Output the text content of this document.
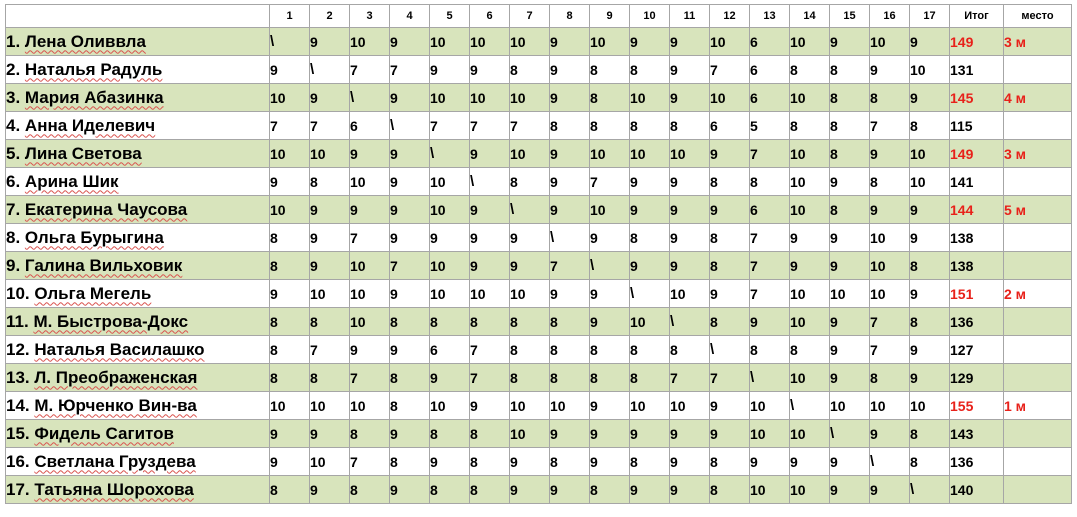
	1	2	3	4	5	6	7	8	9	10	11	12	13	14	15	16	17	Итог	место
1. Лена Оливвла	\	9	10	9	10	10	10	9	10	9	9	10	6	10	9	10	9	149	3 м
2. Наталья Радуль	9	\	7	7	9	9	8	9	8	8	9	7	6	8	8	9	10	131	
3. Мария Абазинка	10	9	\	9	10	10	10	9	8	10	9	10	6	10	8	8	9	145	4 м
4. Анна Иделевич	7	7	6	\	7	7	7	8	8	8	8	6	5	8	8	7	8	115	
5. Лина Светова	10	10	9	9	\	9	10	9	10	10	10	9	7	10	8	9	10	149	3 м
6. Арина Шик	9	8	10	9	10	\	8	9	7	9	9	8	8	10	9	8	10	141	
7. Екатерина Чаусова	10	9	9	9	10	9	\	9	10	9	9	9	6	10	8	9	9	144	5 м
8. Ольга Бурыгина	8	9	7	9	9	9	9	\	9	8	9	8	7	9	9	10	9	138	
9. Галина Вильховик	8	9	10	7	10	9	9	7	\	9	9	8	7	9	9	10	8	138	
10. Ольга Мегель	9	10	10	9	10	10	10	9	9	\	10	9	7	10	10	10	9	151	2 м
11. М. Быстрова-Докс	8	8	10	8	8	8	8	8	9	10	\	8	9	10	9	7	8	136	
12. Наталья Василашко	8	7	9	9	6	7	8	8	8	8	8	\	8	8	9	7	9	127	
13. Л. Преображенская	8	8	7	8	9	7	8	8	8	8	7	7	\	10	9	8	9	129	
14. М. Юрченко Вин-ва	10	10	10	8	10	9	10	10	9	10	10	9	10	\	10	10	10	155	1 м
15. Фидель Сагитов	9	9	8	9	8	8	10	9	9	9	9	9	10	10	\	9	8	143	
16. Светлана Груздева	9	10	7	8	9	8	9	8	9	8	9	8	9	9	9	\	8	136	
17. Татьяна Шорохова	8	9	8	9	8	8	9	9	8	9	9	8	10	10	9	9	\	140	
